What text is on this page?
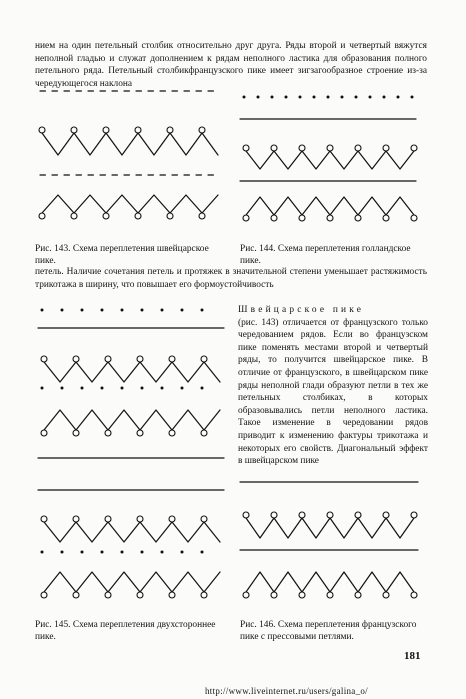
нием на один петельный столбик относительно друг друга. Ряды второй и четвертый вяжутся неполной гладью и служат дополнением к рядам неполного ластика для образования полного петельного ряда. Петельный столбикфранцузского пике имеет зигзагообразное строение из-за чередующегося наклона

Рис. 143. Схема переплетения швейцарское пике.

Рис. 144. Схема переплетения голландское пике.

петель. Наличие сочетания петель и протяжек в значительной степени уменьшает растяжимость трикотажа в ширину, что повышает его формоустойчивость

Рис. 145. Схема переплетения двухстороннее пике.

Швейцарское пике
(рис. 143) отличается от французского только чередованием рядов. Если во французском пике поменять местами второй и четвертый ряды, то получится швейцарское пике. В отличие от французского, в швейцарском пике ряды неполной глади образуют петли в тех же петельных столбиках, в которых образовывались петли неполного ластика. Такое изменение в чередовании рядов приводит к изменению фактуры трикотажа и некоторых его свойств. Диагональный эффект в швейцарском пике

Рис. 146. Схема переплетения французского пике с прессовыми петлями.

181
http://www.liveinternet.ru/users/galina_o/
